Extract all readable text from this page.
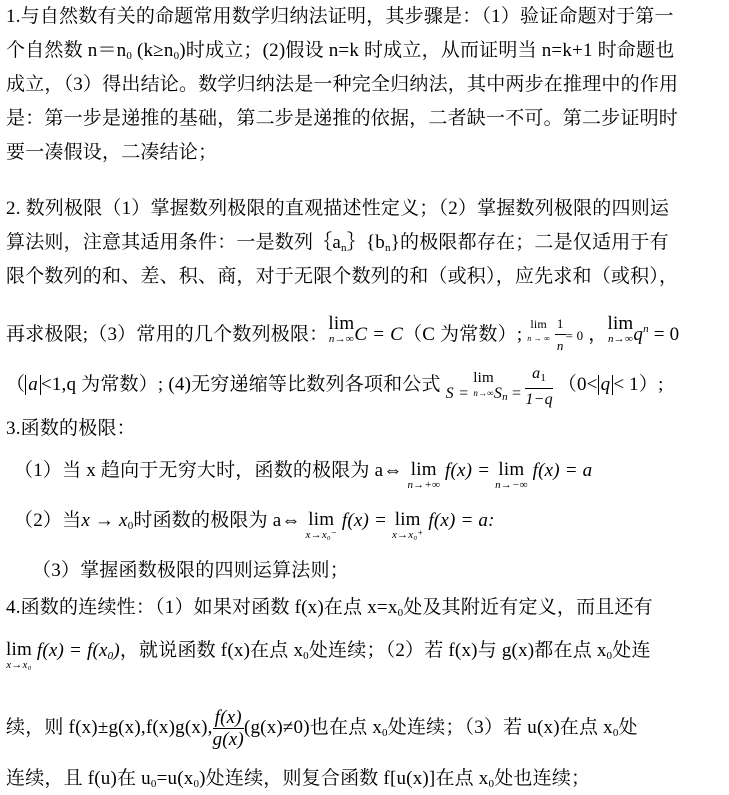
1.与自然数有关的命题常用数学归纳法证明，其步骤是：（1）验证命题对于第一
个自然数 $n=n_0$ $(k\ge n_0)$时成立；(2)假设 n=k 时成立，从而证明当 n=k+1 时命题也
成立，（3）得出结论。数学归纳法是一种完全归纳法，其中两步在推理中的作用
是：第一步是递推的基础，第二步是递推的依据，二者缺一不可。第二步证明时
要一凑假设，二凑结论；
2. 数列极限（1）掌握数列极限的直观描述性定义；（2）掌握数列极限的四则运
算法则，注意其适用条件：一是数列$\{a_n\}\{b_n\}$的极限都存在；二是仅适用于有
限个数列的和、差、积、商，对于无限个数列的和（或积），应先求和（或积），
再求极限;（3）常用的几个数列极限：
lim
n→∞ C = C（C 为常数）; lim
n → ∞
$\frac{1}{n} = 0$ ，
lim
n→∞ $q^n = 0$
（ a <1,q 为常数）; (4)无穷递缩等比数列各项和公式 $_{S =}$
lim
n→∞ $_{Sn}$ $_= \frac{a_1}{1-q} (0< q < 1)$;
3.函数的极限：
（1）当 x 趋向于无穷大时，函数的极限为 a⇔ lim
n→+∞
f(x) = lim
n→−∞
f(x) = a
（2）当$x \to x_0$时函数的极限为 a⇔ lim
x→x₀⁻
f(x) = lim
x→x₀⁺
f(x) = a:
（3）掌握函数极限的四则运算法则；
4.函数的连续性：（1）如果对函数 f(x)在点 $x=x_0$处及其附近有定义，而且还有
lim
x→x₀
$f(x) = f(x_0)$，就说函数 f(x)在点 $x_0$处连续；（2）若 f(x)与 g(x)都在点 $x_0$处连
续，则 f(x)±g(x),f(x)g(x), $\frac{f(x)}{g(x)} (g(x)\ne 0)$也在点 $x_0$处连续；（3）若 u(x)在点 $x_0$处
连续，且 f(u)在 $u_0=u(x_0)$处连续，则复合函数 f[u(x)]在点 $x_0$处也连续；
